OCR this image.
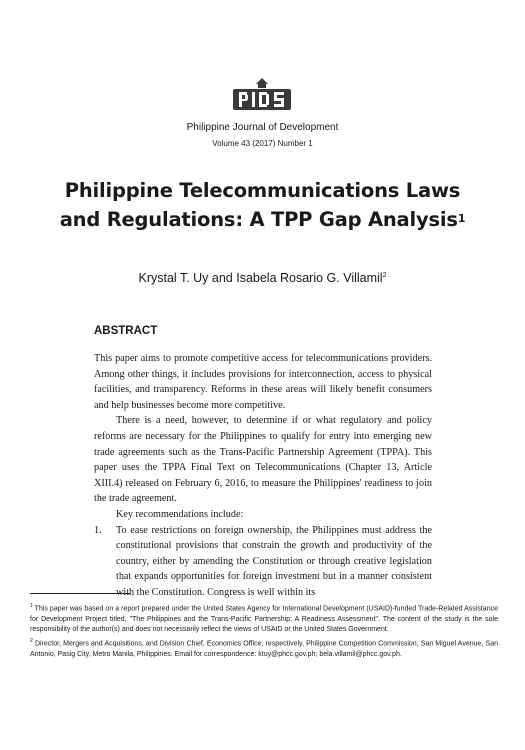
Philippine Journal of Development
Volume 43 (2017) Number 1
Philippine Telecommunications Laws
and Regulations: A TPP Gap Analysis$^1$
Krystal T. Uy and Isabela Rosario G. Villamil$^2$
ABSTRACT

This paper aims to promote competitive access for telecommunications providers. Among other things, it includes provisions for interconnection, access to physical facilities, and transparency. Reforms in these areas will likely benefit consumers and help businesses become more competitive.

There is a need, however, to determine if or what regulatory and policy reforms are necessary for the Philippines to qualify for entry into emerging new trade agreements such as the Trans-Pacific Partnership Agreement (TPPA). This paper uses the TPPA Final Text on Telecommunications (Chapter 13, Article XIII.4) released on February 6, 2016, to measure the Philippines' readiness to join the trade agreement.

Key recommendations include:
1.	To ease restrictions on foreign ownership, the Philippines must address the constitutional provisions that constrain the growth and productivity of the country, either by amending the Constitution or through creative legislation that expands opportunities for foreign investment but in a manner consistent with the Constitution. Congress is well within its

$^1$ This paper was based on a report prepared under the United States Agency for International Development (USAID)-funded Trade-Related Assistance for Development Project titled, "The Philippines and the Trans-Pacific Partnership: A Readiness Assessment". The content of the study is the sole responsibility of the author(s) and does not necessarily reflect the views of USAID or the United States Government.

$^2$ Director, Mergers and Acquisitions, and Division Chief, Economics Office, respectively, Philippine Competition Commission, San Miguel Avenue, San Antonio, Pasig City, Metro Manila, Philippines. Email for correspondence: ktuy@phcc.gov.ph; bela.villamil@phcc.gov.ph.
